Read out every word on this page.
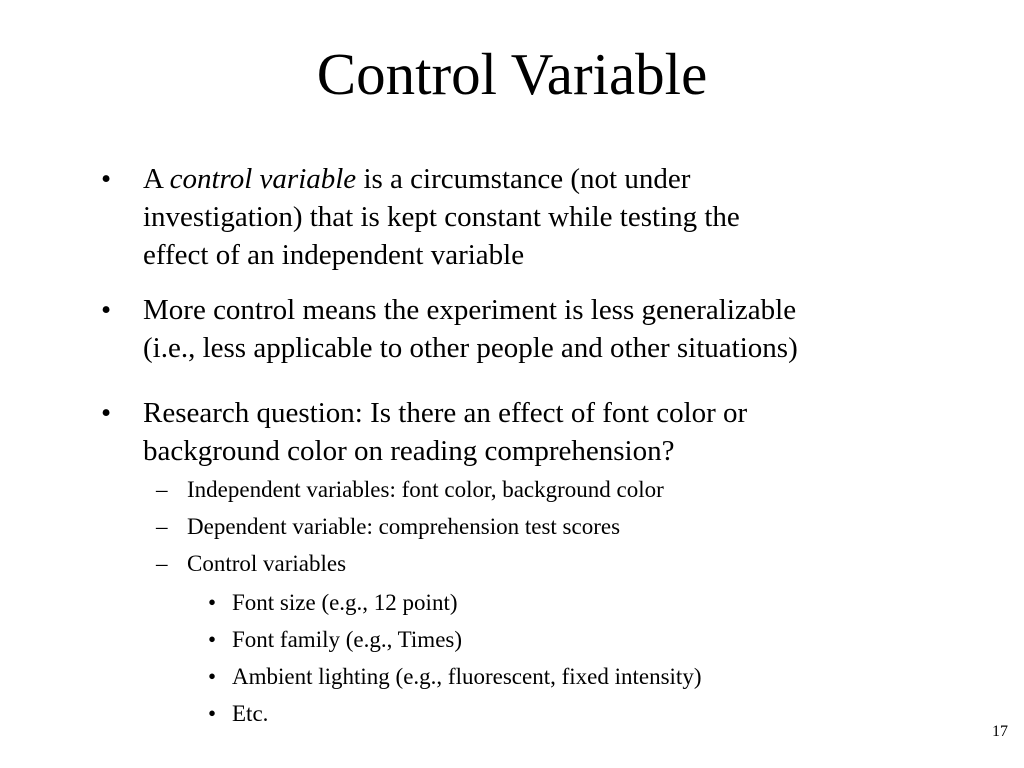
Control Variable
• A control variable is a circumstance (not under
investigation) that is kept constant while testing the
effect of an independent variable
• More control means the experiment is less generalizable
(i.e., less applicable to other people and other situations)
• Research question: Is there an effect of font color or
background color on reading comprehension?
– Independent variables: font color, background color
– Dependent variable: comprehension test scores
– Control variables
• Font size (e.g., 12 point)
• Font family (e.g., Times)
• Ambient lighting (e.g., fluorescent, fixed intensity)
• Etc.
17
